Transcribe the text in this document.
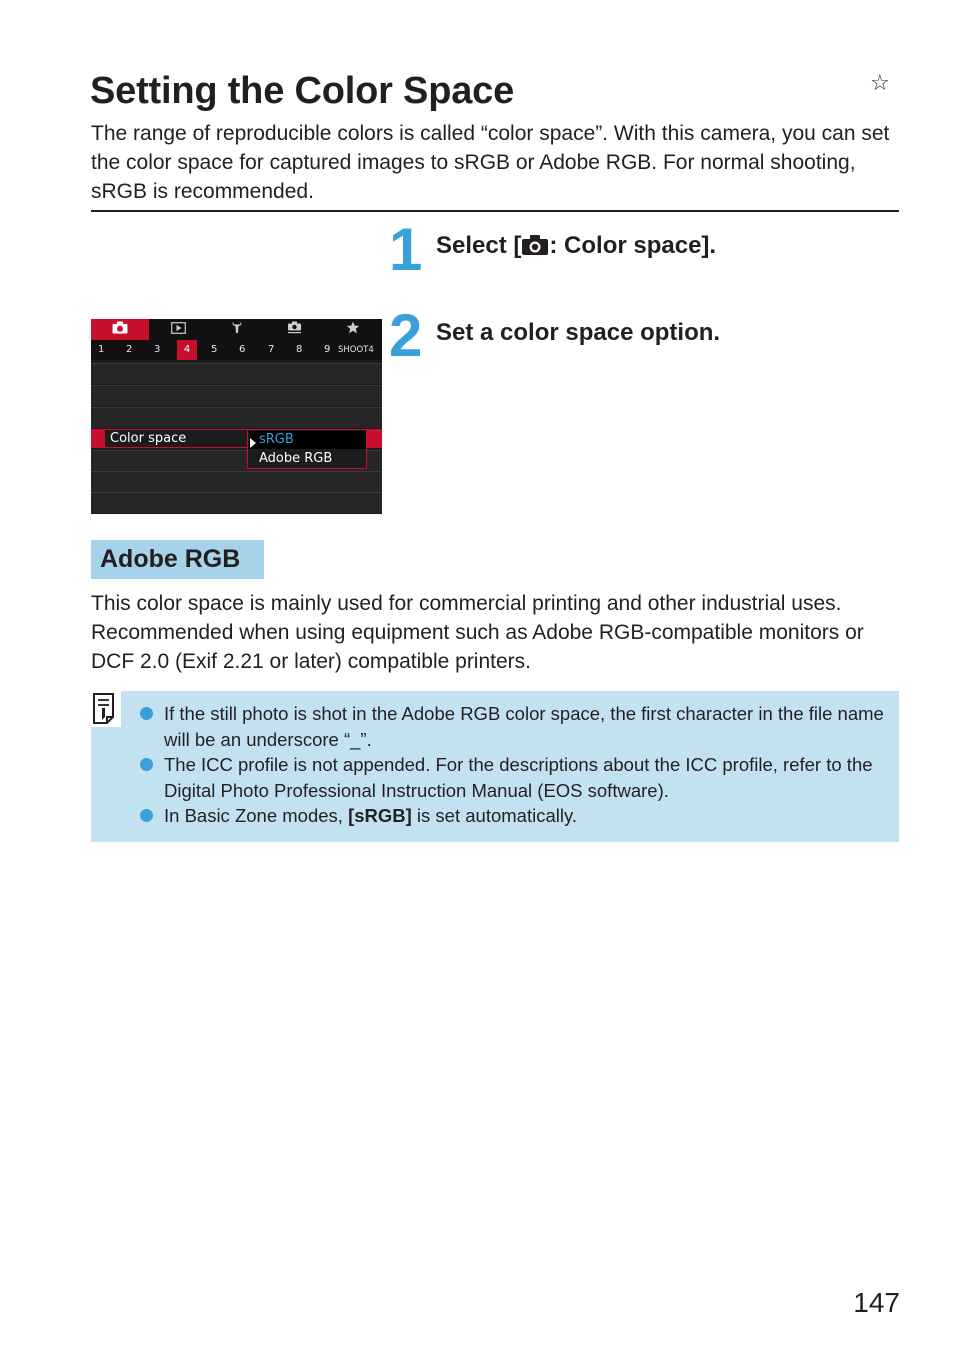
Setting the Color Space	☆

The range of reproducible colors is called “color space”. With this camera, you can set the color space for captured images to sRGB or Adobe RGB. For normal shooting, sRGB is recommended.

1 Select [ : Color space].
2 Set a color space option.
1 2 3	4	5 6 7 8 9 SHOOT4
Color space	sRGB
Adobe RGB
Adobe RGB

This color space is mainly used for commercial printing and other industrial uses. Recommended when using equipment such as Adobe RGB-compatible monitors or DCF 2.0 (Exif 2.21 or later) compatible printers.

If the still photo is shot in the Adobe RGB color space, the first character in the file name will be an underscore “_”.
The ICC profile is not appended. For the descriptions about the ICC profile, refer to the Digital Photo Professional Instruction Manual (EOS software).
In Basic Zone modes, [sRGB] is set automatically.
147
